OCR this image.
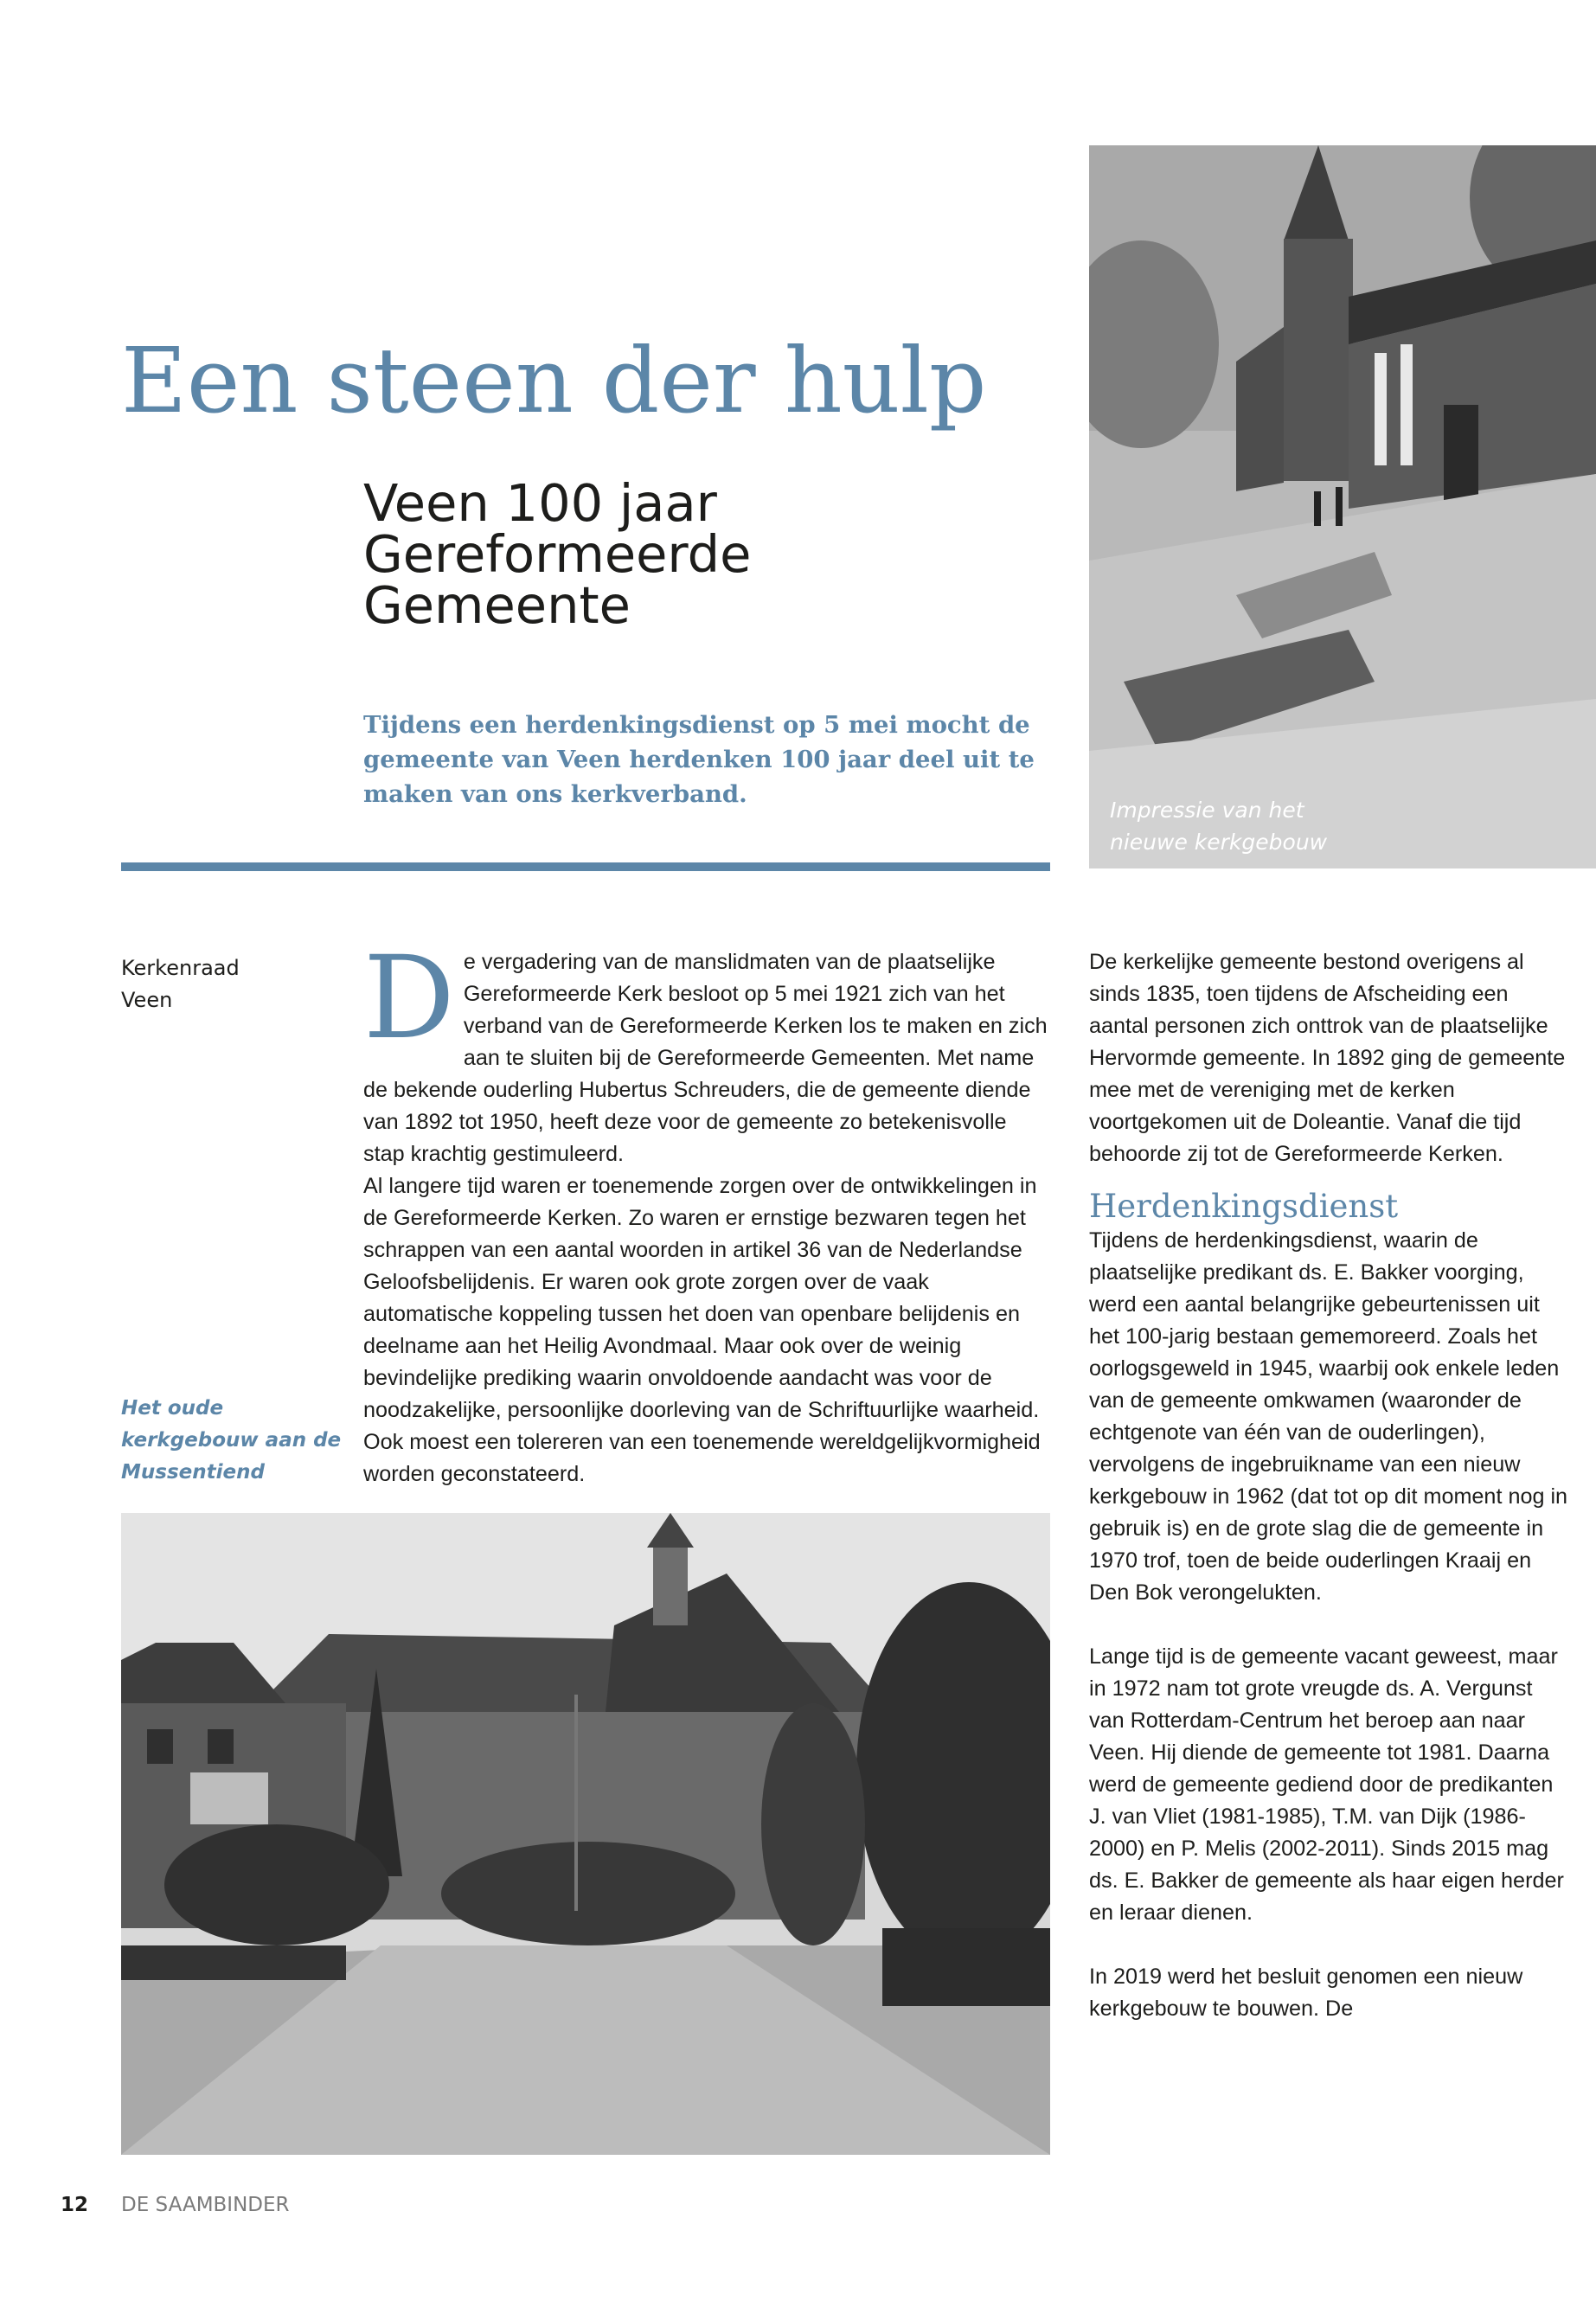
Impressie van het
nieuwe kerkgebouw
Een steen der hulp
Veen 100 jaar
Gereformeerde
Gemeente

Tijdens een herdenkingsdienst op 5 mei mocht de gemeente van Veen herdenken 100 jaar deel uit te maken van ons kerkverband.

Kerkenraad
Veen
Het oude
kerkgebouw aan de
Mussentiend

De vergadering van de manslidmaten van de plaatselijke Gereformeerde Kerk besloot op 5 mei 1921 zich van het verband van de Gereformeerde Kerken los te maken en zich aan te sluiten bij de Gereformeerde Gemeenten. Met name de bekende ouderling Hubertus Schreuders, die de gemeente diende van 1892 tot 1950, heeft deze voor de gemeente zo betekenisvolle stap krachtig gestimuleerd.

Al langere tijd waren er toenemende zorgen over de ontwikkelingen in de Gereformeerde Kerken. Zo waren er ernstige bezwaren tegen het schrappen van een aantal woorden in artikel 36 van de Nederlandse Geloofsbelijdenis. Er waren ook grote zorgen over de vaak automatische koppeling tussen het doen van openbare belijdenis en deelname aan het Heilig Avondmaal. Maar ook over de weinig bevindelijke prediking waarin onvoldoende aandacht was voor de noodzakelijke, persoonlijke doorleving van de Schriftuurlijke waarheid. Ook moest een tolereren van een toenemende wereldgelijkvormigheid worden geconstateerd.

De kerkelijke gemeente bestond overigens al sinds 1835, toen tijdens de Afscheiding een aantal personen zich onttrok van de plaatselijke Hervormde gemeente. In 1892 ging de gemeente mee met de vereniging met de kerken voortgekomen uit de Doleantie. Vanaf die tijd behoorde zij tot de Gereformeerde Kerken.

Herdenkingsdienst

Tijdens de herdenkingsdienst, waarin de plaatselijke predikant ds. E. Bakker voorging, werd een aantal belangrijke gebeurtenissen uit het 100-jarig bestaan gememoreerd. Zoals het oorlogsgeweld in 1945, waarbij ook enkele leden van de gemeente omkwamen (waaronder de echtgenote van één van de ouderlingen), vervolgens de ingebruikname van een nieuw kerkgebouw in 1962 (dat tot op dit moment nog in gebruik is) en de grote slag die de gemeente in 1970 trof, toen de beide ouderlingen Kraaij en Den Bok verongelukten.

Lange tijd is de gemeente vacant geweest, maar in 1972 nam tot grote vreugde ds. A. Vergunst van Rotterdam-Centrum het beroep aan naar Veen. Hij diende de gemeente tot 1981. Daarna werd de gemeente gediend door de predikanten J. van Vliet (1981-1985), T.M. van Dijk (1986-2000) en P. Melis (2002-2011). Sinds 2015 mag ds. E. Bakker de gemeente als haar eigen herder en leraar dienen.

In 2019 werd het besluit genomen een nieuw kerkgebouw te bouwen. De

12 DE SAAMBINDER
